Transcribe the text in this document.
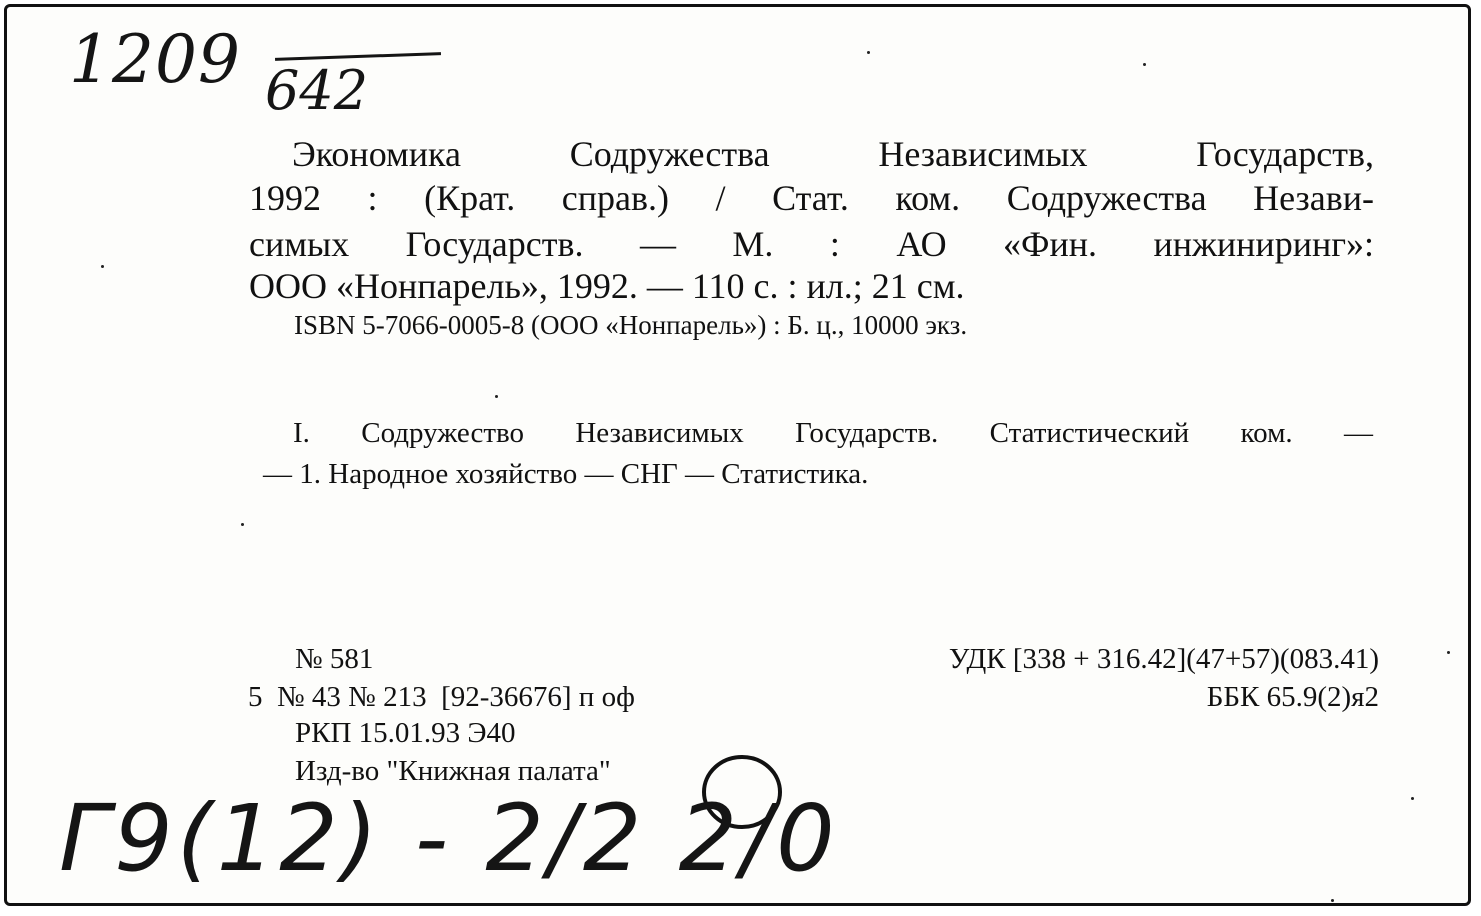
1209 642
Экономика Содружества Независимых Государств,
1992 : (Крат. справ.) / Стат. ком. Содружества Незави-
симых Государств. — М. : АО «Фин. инжиниринг»:
ООО «Нонпарель», 1992. — 110 с. : ил.; 21 см.
ISBN 5-7066-0005-8 (ООО «Нонпарель») : Б. ц., 10000 экз.
I. Содружество Независимых Государств. Статистический ком. —
— 1. Народное хозяйство — СНГ — Статистика.
№ 581
5  № 43 № 213  [92-36676] п оф
РКП 15.01.93 Э40
Изд-во "Книжная палата"
УДК [338 + 316.42](47+57)(083.41)
ББК 65.9(2)я2
Г9(12) - 2/2 2/0
